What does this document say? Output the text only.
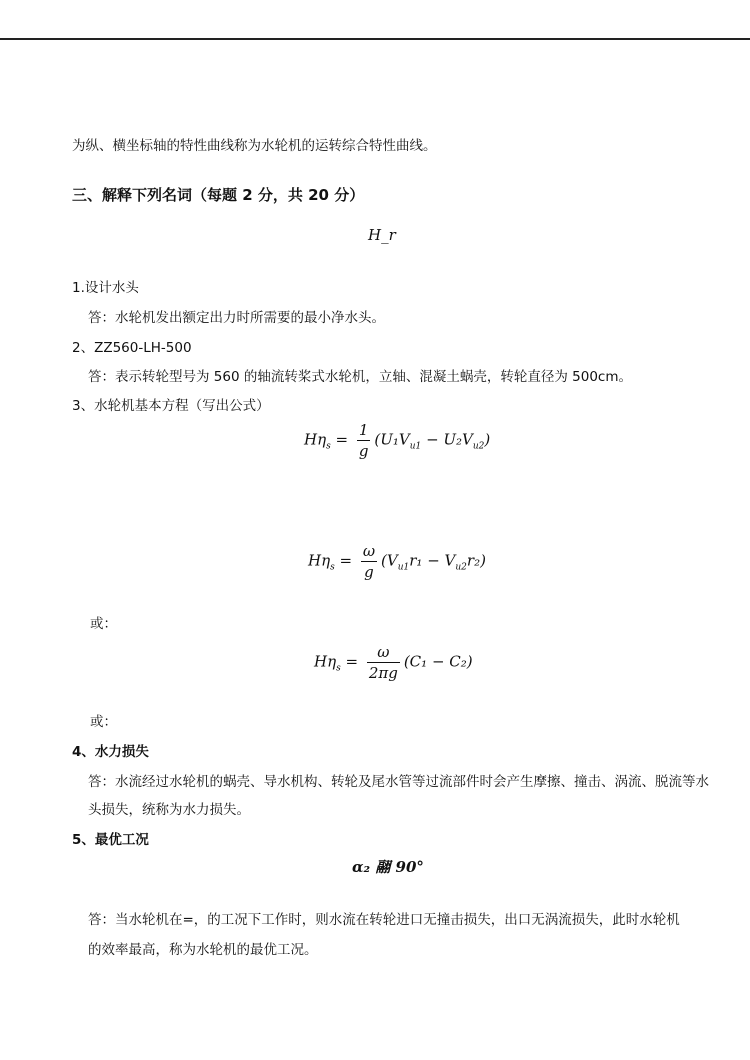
为纵、横坐标轴的特性曲线称为水轮机的运转综合特性曲线。
三、解释下列名词（每题 2 分，共 20 分）
H_r
1.设计水头
答：水轮机发出额定出力时所需要的最小净水头。
2、ZZ560-LH-500
答：表示转轮型号为 560 的轴流转桨式水轮机，立轴、混凝土蜗壳，转轮直径为 500cm。
3、水轮机基本方程（写出公式）
$H\eta_s = \frac{1}{g} (U_1V_{u1} - U_2V_{u2})$
$H\eta_s = \frac{\omega}{g} (V_{u1}r_1 - V_{u2}r_2)$
或：
$H\eta_s = \frac{\omega}{2\pi g} (C_1 - C_2)$
或：
4、水力损失
答：水流经过水轮机的蜗壳、导水机构、转轮及尾水管等过流部件时会产生摩擦、撞击、涡流、脱流等水
头损失，统称为水力损失。
5、最优工况
α₂ 翮 90°
答：当水轮机在=，的工况下工作时，则水流在转轮进口无撞击损失，出口无涡流损失，此时水轮机
的效率最高，称为水轮机的最优工况。
